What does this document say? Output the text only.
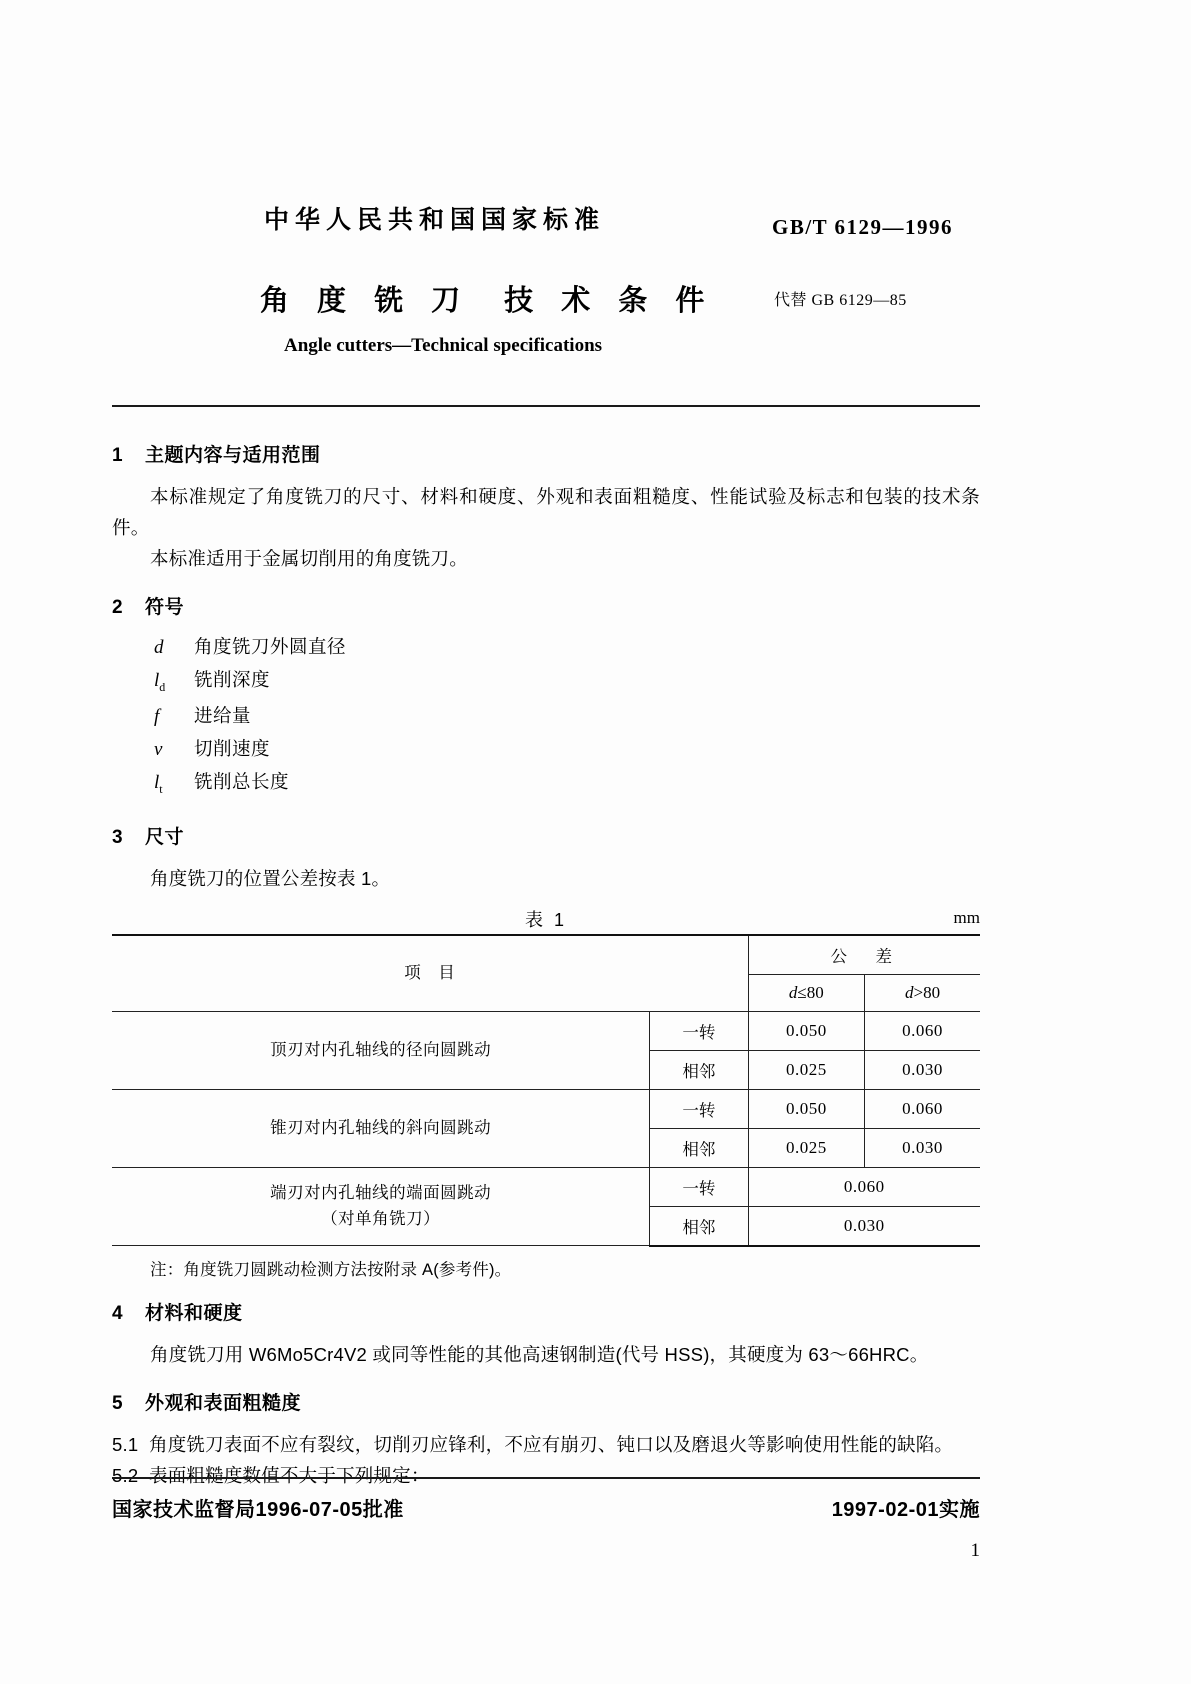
中华人民共和国国家标准	GB/T 6129—1996
角 度 铣 刀 技 术 条 件	代替 GB 6129—85
Angle cutters—Technical specifications
1 主题内容与适用范围

本标准规定了角度铣刀的尺寸、材料和硬度、外观和表面粗糙度、性能试验及标志和包装的技术条件。

本标准适用于金属切削用的角度铣刀。

2 符号
d	角度铣刀外圆直径
$l_d$	铣削深度
f	进给量
v	切削速度
$l_t$	铣削总长度
3 尺寸

角度铣刀的位置公差按表 1。

表 1	mm
项　目		公　差	
		d≤80	d>80
顶刃对内孔轴线的径向圆跳动	一转	0.050	0.060
	相邻	0.025	0.030
锥刃对内孔轴线的斜向圆跳动	一转	0.050	0.060
	相邻	0.025	0.030
端刃对内孔轴线的端面圆跳动
（对单角铣刀）	一转	0.060	
	相邻	0.030	
注：角度铣刀圆跳动检测方法按附录 A(参考件)。
4 材料和硬度

角度铣刀用 W6Mo5Cr4V2 或同等性能的其他高速钢制造(代号 HSS)，其硬度为 63～66HRC。

5 外观和表面粗糙度

5.1 角度铣刀表面不应有裂纹，切削刃应锋利，不应有崩刃、钝口以及磨退火等影响使用性能的缺陷。

5.2 表面粗糙度数值不大于下列规定：

国家技术监督局1996-07-05批准	1997-02-01实施
1
